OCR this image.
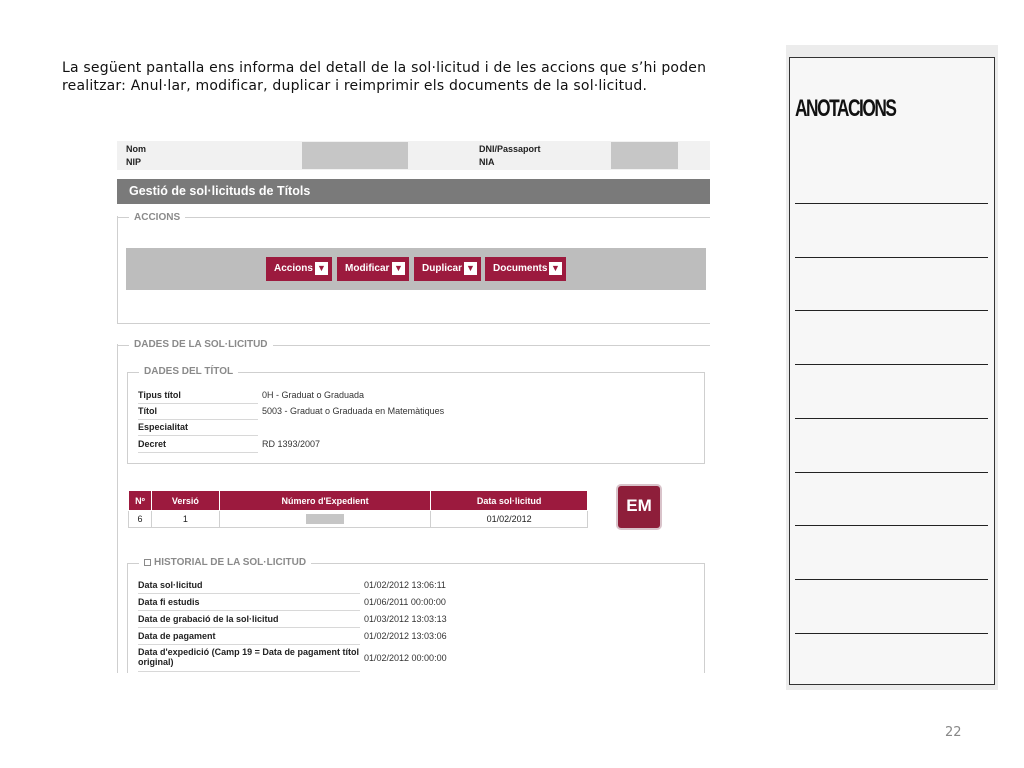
La següent pantalla ens informa del detall de la sol·licitud i de les accions que s’hi poden realitzar: Anul·lar, modificar, duplicar i reimprimir els documents de la sol·licitud.
Nom
NIP
DNI/Passaport
NIA
Gestió de sol·licituds de Títols
ACCIONS
Accions ▼	Modificar ▼	Duplicar ▼	Documents ▼
DADES DE LA SOL·LICITUD
DADES DEL TÍTOL
Tipus títol	0H - Graduat o Graduada
Títol	5003 - Graduat o Graduada en Matemàtiques
Especialitat
Decret	RD 1393/2007
Nº	Versió	Número d'Expedient	Data sol·licitud
6	1		01/02/2012
EM
HISTORIAL DE LA SOL·LICITUD
Data sol·licitud	01/02/2012 13:06:11
Data fi estudis	01/06/2011 00:00:00
Data de grabació de la sol·licitud	01/03/2012 13:03:13
Data de pagament	01/02/2012 13:03:06
Data d'expedició (Camp 19 = Data de pagament títol original)	01/02/2012 00:00:00
ANOTACIONS
22
